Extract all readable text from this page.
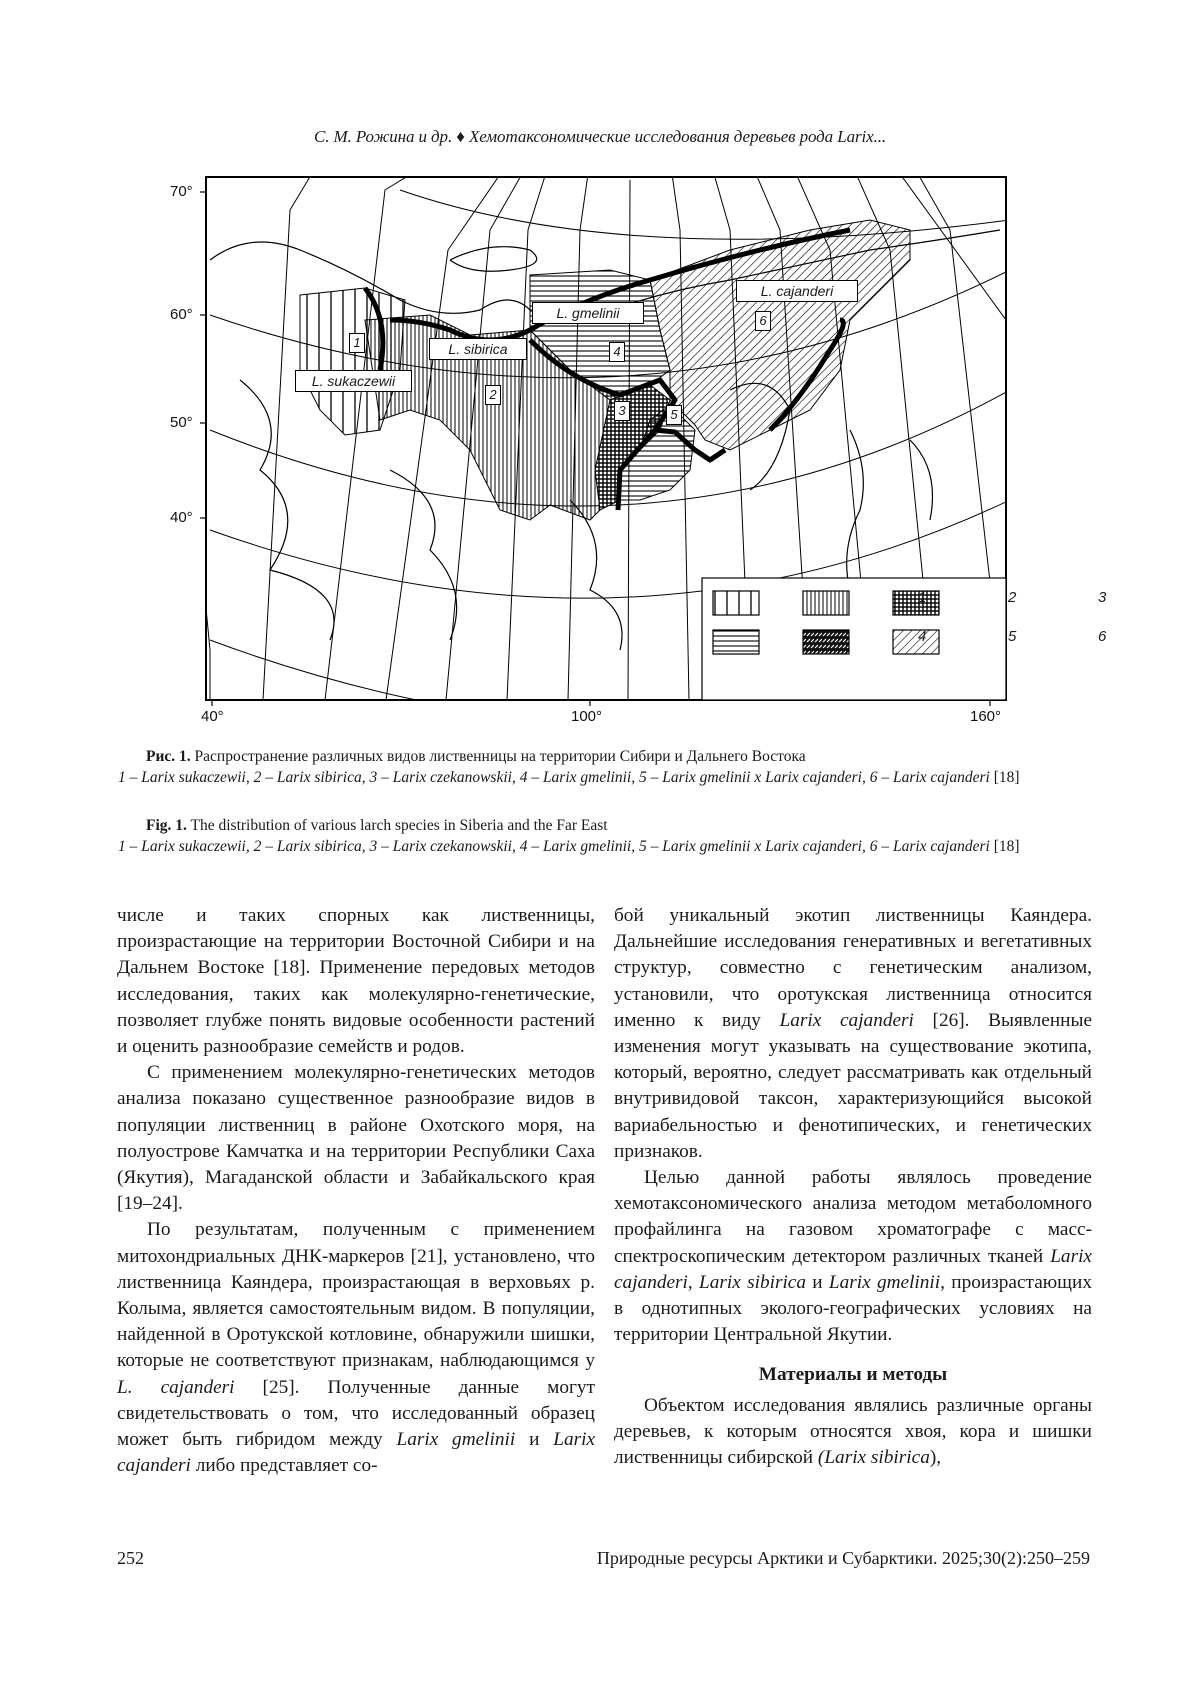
С. М. Рожина и др. ♦ Хемотаксономические исследования деревьев рода Larix...
L. sukaczewii
L. sibirica
L. gmelinii
L. cajanderi
1
2
3
4
5
6
1	2	3
4	5	6
70°
60°
50°
40°
40°	100°	160°
Рис. 1. Распространение различных видов лиственницы на территории Сибири и Дальнего Востока
1 – Larix sukaczewii, 2 – Larix sibirica, 3 – Larix czekanowskii, 4 – Larix gmelinii, 5 – Larix gmelinii x Larix cajanderi, 6 – Larix cajanderi [18]
Fig. 1. The distribution of various larch species in Siberia and the Far East
1 – Larix sukaczewii, 2 – Larix sibirica, 3 – Larix czekanowskii, 4 – Larix gmelinii, 5 – Larix gmelinii x Larix cajanderi, 6 – Larix cajanderi [18]

числе и таких спорных как лиственницы, произрастающие на территории Восточной Сибири и на Дальнем Востоке [18]. Применение передовых методов исследования, таких как молекулярно-генетические, позволяет глубже понять видовые особенности растений и оценить разнообразие семейств и родов.

С применением молекулярно-генетических методов анализа показано существенное разнообразие видов в популяции лиственниц в районе Охотского моря, на полуострове Камчатка и на территории Республики Саха (Якутия), Магаданской области и Забайкальского края [19–24].

По результатам, полученным с применением митохондриальных ДНК-маркеров [21], установлено, что лиственница Каяндера, произрастающая в верховьях р. Колыма, является самостоятельным видом. В популяции, найденной в Оротукской котловине, обнаружили шишки, которые не соответствуют признакам, наблюдающимся у L. cajanderi [25]. Полученные данные могут свидетельствовать о том, что исследованный образец может быть гибридом между Larix gmelinii и Larix cajanderi либо представляет со-

бой уникальный экотип лиственницы Каяндера. Дальнейшие исследования генеративных и вегетативных структур, совместно с генетическим анализом, установили, что оротукская лиственница относится именно к виду Larix cajanderi [26]. Выявленные изменения могут указывать на существование экотипа, который, вероятно, следует рассматривать как отдельный внутривидовой таксон, характеризующийся высокой вариабельностью и фенотипических, и генетических признаков.

Целью данной работы являлось проведение хемотаксономического анализа методом метаболомного профайлинга на газовом хроматографе с масс-спектроскопическим детектором различных тканей Larix cajanderi, Larix sibirica и Larix gmelinii, произрастающих в однотипных эколого-географических условиях на территории Центральной Якутии.

Материалы и методы

Объектом исследования являлись различные органы деревьев, к которым относятся хвоя, кора и шишки лиственницы сибирской (Larix sibirica),

252	Природные ресурсы Арктики и Субарктики. 2025;30(2):250–259
